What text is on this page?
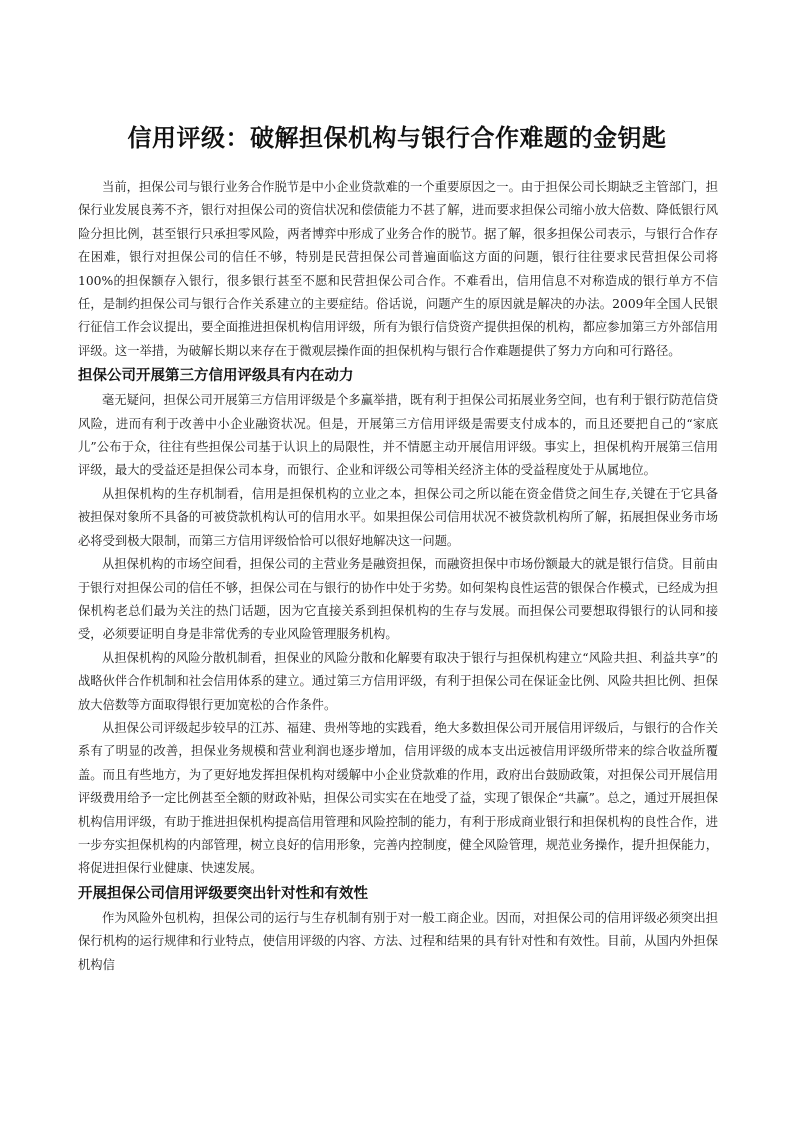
信用评级：破解担保机构与银行合作难题的金钥匙

当前，担保公司与银行业务合作脱节是中小企业贷款难的一个重要原因之一。由于担保公司长期缺乏主管部门，担保行业发展良莠不齐，银行对担保公司的资信状况和偿债能力不甚了解，进而要求担保公司缩小放大倍数、降低银行风险分担比例，甚至银行只承担零风险，两者博弈中形成了业务合作的脱节。据了解，很多担保公司表示，与银行合作存在困难，银行对担保公司的信任不够，特别是民营担保公司普遍面临这方面的问题，银行往往要求民营担保公司将100%的担保额存入银行，很多银行甚至不愿和民营担保公司合作。不难看出，信用信息不对称造成的银行单方不信任，是制约担保公司与银行合作关系建立的主要症结。俗话说，问题产生的原因就是解决的办法。2009年全国人民银行征信工作会议提出，要全面推进担保机构信用评级，所有为银行信贷资产提供担保的机构，都应参加第三方外部信用评级。这一举措，为破解长期以来存在于微观层操作面的担保机构与银行合作难题提供了努力方向和可行路径。

担保公司开展第三方信用评级具有内在动力

毫无疑问，担保公司开展第三方信用评级是个多赢举措，既有利于担保公司拓展业务空间，也有利于银行防范信贷风险，进而有利于改善中小企业融资状况。但是，开展第三方信用评级是需要支付成本的，而且还要把自己的“家底儿”公布于众，往往有些担保公司基于认识上的局限性，并不情愿主动开展信用评级。事实上，担保机构开展第三信用评级，最大的受益还是担保公司本身，而银行、企业和评级公司等相关经济主体的受益程度处于从属地位。

从担保机构的生存机制看，信用是担保机构的立业之本，担保公司之所以能在资金借贷之间生存,关键在于它具备被担保对象所不具备的可被贷款机构认可的信用水平。如果担保公司信用状况不被贷款机构所了解，拓展担保业务市场必将受到极大限制，而第三方信用评级恰恰可以很好地解决这一问题。

从担保机构的市场空间看，担保公司的主营业务是融资担保，而融资担保中市场份额最大的就是银行信贷。目前由于银行对担保公司的信任不够，担保公司在与银行的协作中处于劣势。如何架构良性运营的银保合作模式，已经成为担保机构老总们最为关注的热门话题，因为它直接关系到担保机构的生存与发展。而担保公司要想取得银行的认同和接受，必须要证明自身是非常优秀的专业风险管理服务机构。

从担保机构的风险分散机制看，担保业的风险分散和化解要有取决于银行与担保机构建立“风险共担、利益共享”的战略伙伴合作机制和社会信用体系的建立。通过第三方信用评级，有利于担保公司在保证金比例、风险共担比例、担保放大倍数等方面取得银行更加宽松的合作条件。

从担保公司评级起步较早的江苏、福建、贵州等地的实践看，绝大多数担保公司开展信用评级后，与银行的合作关系有了明显的改善，担保业务规模和营业利润也逐步增加，信用评级的成本支出远被信用评级所带来的综合收益所覆盖。而且有些地方，为了更好地发挥担保机构对缓解中小企业贷款难的作用，政府出台鼓励政策，对担保公司开展信用评级费用给予一定比例甚至全额的财政补贴，担保公司实实在在地受了益，实现了银保企“共赢”。总之，通过开展担保机构信用评级，有助于推进担保机构提高信用管理和风险控制的能力，有利于形成商业银行和担保机构的良性合作，进一步夯实担保机构的内部管理，树立良好的信用形象，完善内控制度，健全风险管理，规范业务操作，提升担保能力，将促进担保行业健康、快速发展。

开展担保公司信用评级要突出针对性和有效性

作为风险外包机构，担保公司的运行与生存机制有别于对一般工商企业。因而，对担保公司的信用评级必须突出担保行机构的运行规律和行业特点，使信用评级的内容、方法、过程和结果的具有针对性和有效性。目前，从国内外担保机构信
